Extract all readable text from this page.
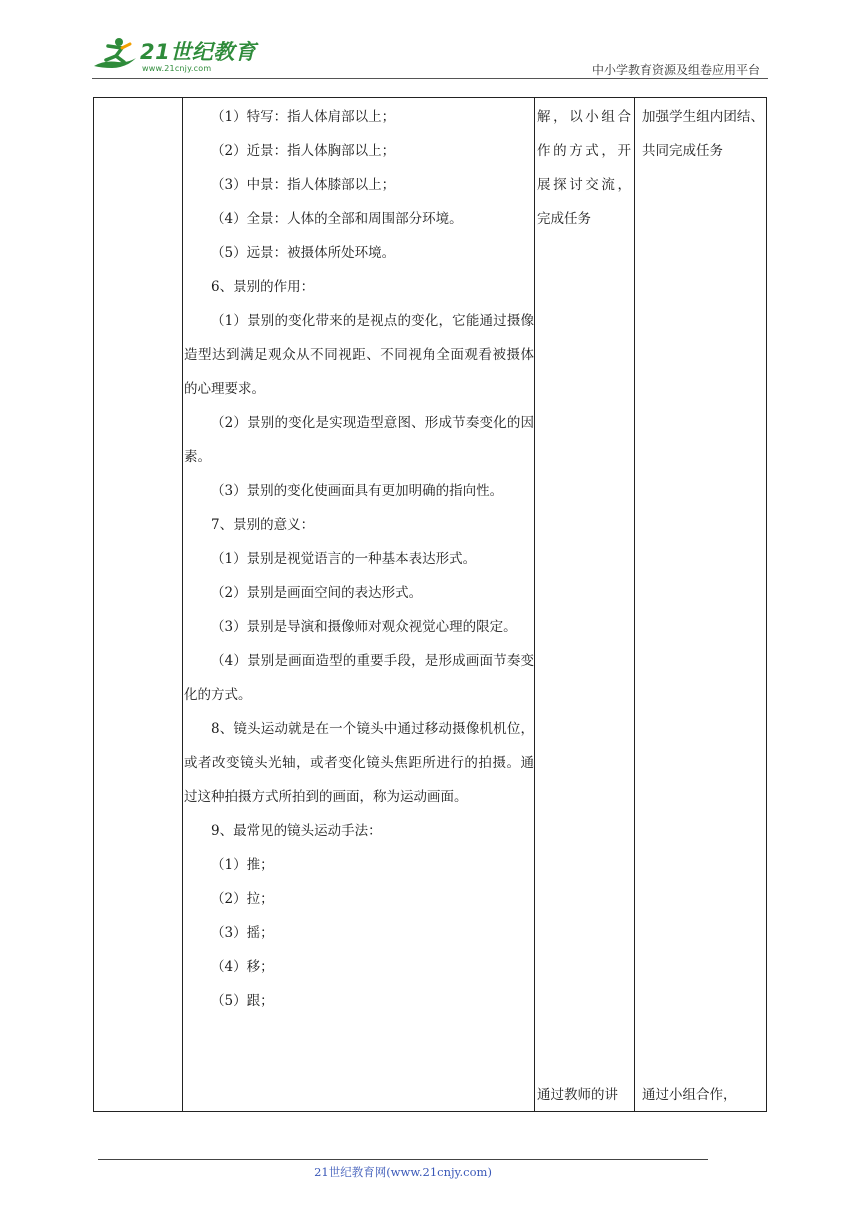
21世纪教育
www.21cnjy.com	中小学教育资源及组卷应用平台

（1）特写：指人体肩部以上；

（2）近景：指人体胸部以上；

（3）中景：指人体膝部以上；

（4）全景：人体的全部和周围部分环境。

（5）远景：被摄体所处环境。

6、景别的作用：

（1）景别的变化带来的是视点的变化，它能通过摄像造型达到满足观众从不同视距、不同视角全面观看被摄体的心理要求。

（2）景别的变化是实现造型意图、形成节奏变化的因素。

（3）景别的变化使画面具有更加明确的指向性。

7、景别的意义：

（1）景别是视觉语言的一种基本表达形式。

（2）景别是画面空间的表达形式。

（3）景别是导演和摄像师对观众视觉心理的限定。

（4）景别是画面造型的重要手段，是形成画面节奏变化的方式。

8、镜头运动就是在一个镜头中通过移动摄像机机位，或者改变镜头光轴，或者变化镜头焦距所进行的拍摄。通过这种拍摄方式所拍到的画面，称为运动画面。

9、最常见的镜头运动手法：

（1）推；

（2）拉；

（3）摇；

（4）移；

（5）跟；

解，以小组合作的方式，开展探讨交流，完成任务

通过教师的讲

加强学生组内团结、共同完成任务

通过小组合作，

21世纪教育网(www.21cnjy.com)
